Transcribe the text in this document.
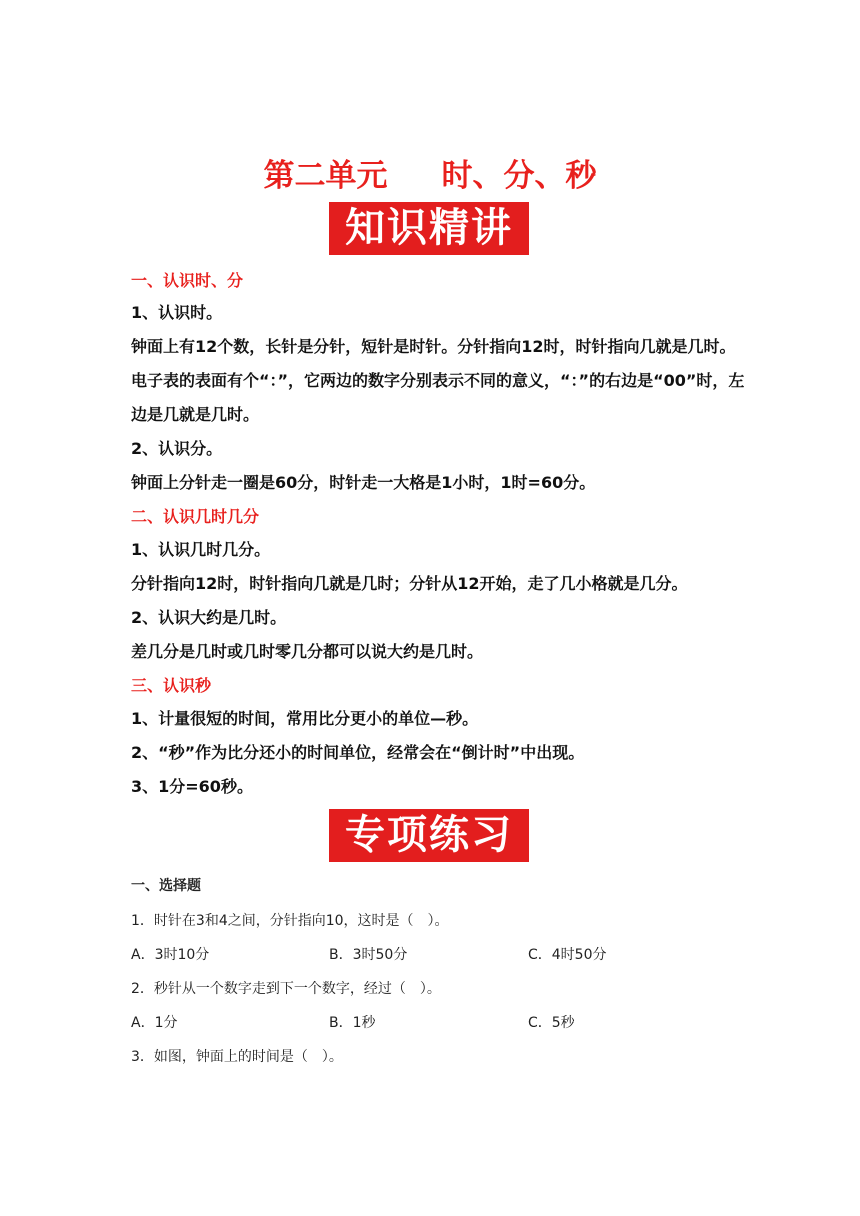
第二单元     时、分、秒
知识精讲
一、认识时、分
1、认识时。
钟面上有12个数，长针是分针，短针是时针。分针指向12时，时针指向几就是几时。电子表的表面有个“：”，它两边的数字分别表示不同的意义，“：”的右边是“00”时，左边是几就是几时。
2、认识分。
钟面上分针走一圈是60分，时针走一大格是1小时，1时=60分。
二、认识几时几分
1、认识几时几分。
分针指向12时，时针指向几就是几时；分针从12开始，走了几小格就是几分。
2、认识大约是几时。
差几分是几时或几时零几分都可以说大约是几时。
三、认识秒
1、计量很短的时间，常用比分更小的单位—秒。
2、“秒”作为比分还小的时间单位，经常会在“倒计时”中出现。
3、1分=60秒。
专项练习
一、选择题
1．时针在3和4之间，分针指向10，这时是（　）。
A．3时10分	B．3时50分	C．4时50分
2．秒针从一个数字走到下一个数字，经过（　）。
A．1分	B．1秒	C．5秒
3．如图，钟面上的时间是（　）。
